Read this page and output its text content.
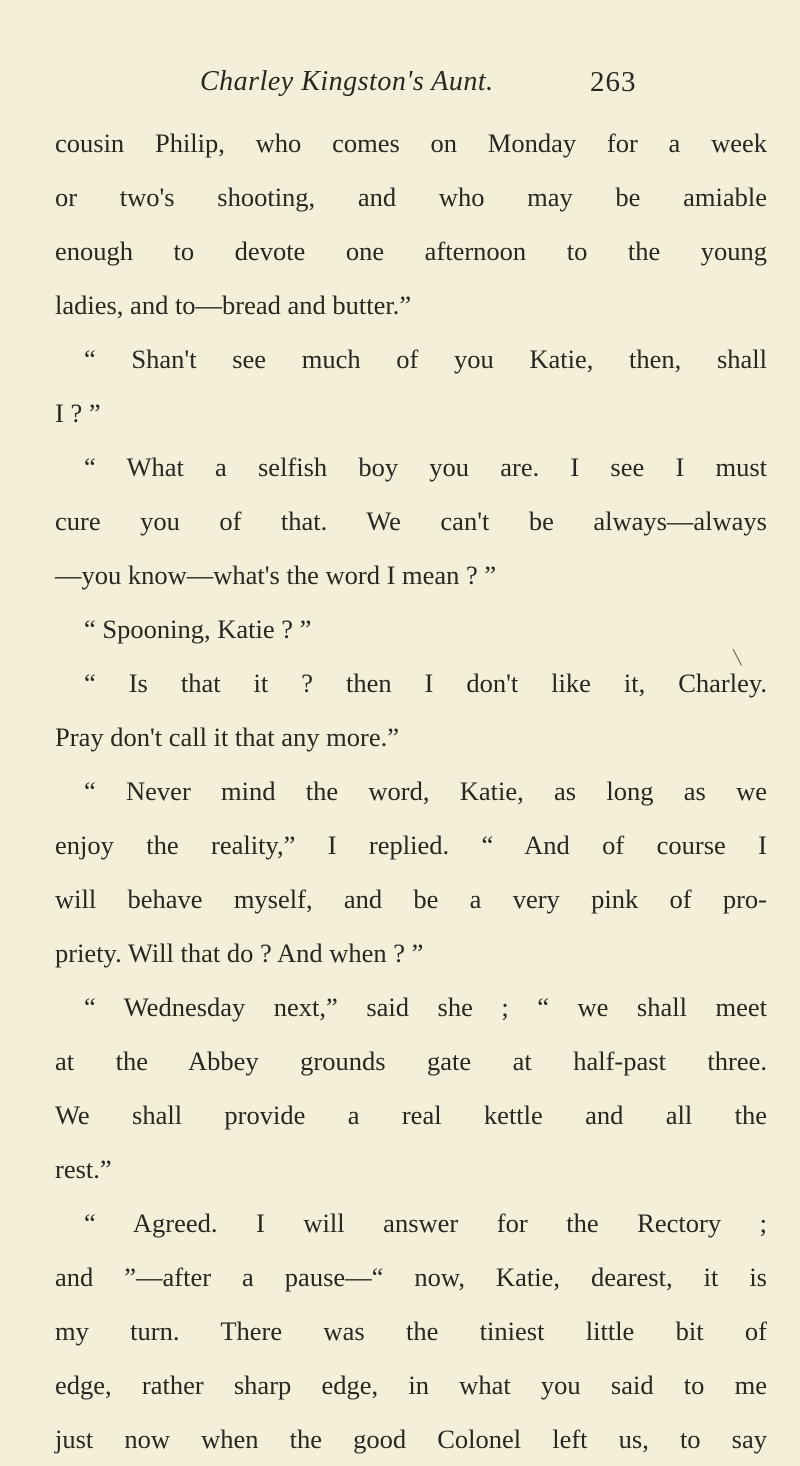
Charley Kingston's Aunt.	263
cousin Philip, who comes on Monday for a week
or two's shooting, and who may be amiable
enough to devote one afternoon to the young
ladies, and to—bread and butter.”
“ Shan't see much of you Katie, then, shall
I ? ”
“ What a selfish boy you are. I see I must
cure you of that. We can't be always—always
—you know—what's the word I mean ? ”
“ Spooning, Katie ? ”
“ Is that it ? then I don't like it, Charley.
Pray don't call it that any more.”
“ Never mind the word, Katie, as long as we
enjoy the reality,” I replied. “ And of course I
will behave myself, and be a very pink of pro-
priety. Will that do ? And when ? ”
“ Wednesday next,” said she ; “ we shall meet
at the Abbey grounds gate at half-past three.
We shall provide a real kettle and all the
rest.”
“ Agreed. I will answer for the Rectory ;
and ”—after a pause—“ now, Katie, dearest, it is
my turn. There was the tiniest little bit of
edge, rather sharp edge, in what you said to me
just now when the good Colonel left us, to say
╲
